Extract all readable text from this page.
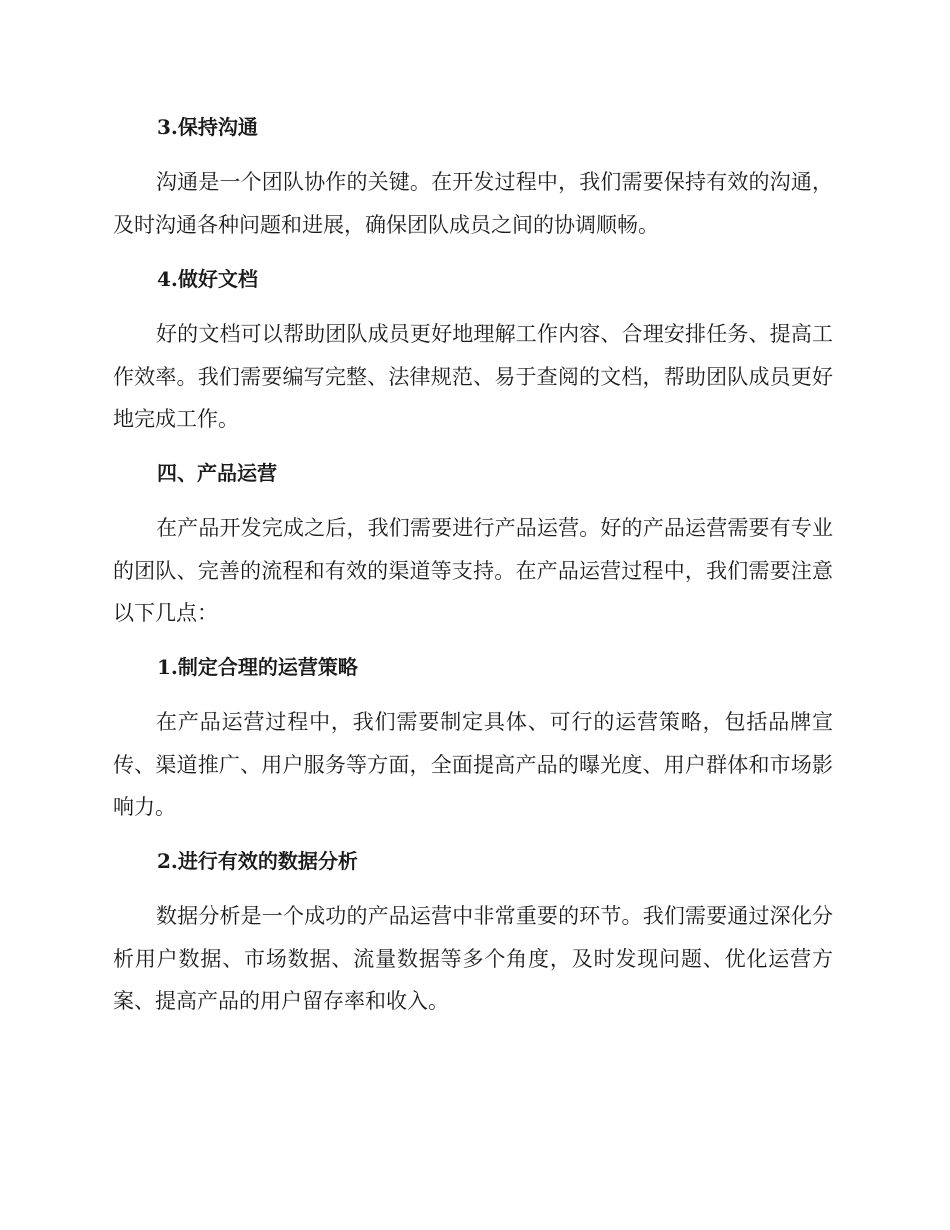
3.保持沟通
沟通是一个团队协作的关键。在开发过程中，我们需要保持有效的沟通，及时沟通各种问题和进展，确保团队成员之间的协调顺畅。
4.做好文档
好的文档可以帮助团队成员更好地理解工作内容、合理安排任务、提高工作效率。我们需要编写完整、法律规范、易于查阅的文档，帮助团队成员更好地完成工作。
四、产品运营
在产品开发完成之后，我们需要进行产品运营。好的产品运营需要有专业的团队、完善的流程和有效的渠道等支持。在产品运营过程中，我们需要注意以下几点：
1.制定合理的运营策略
在产品运营过程中，我们需要制定具体、可行的运营策略，包括品牌宣传、渠道推广、用户服务等方面，全面提高产品的曝光度、用户群体和市场影响力。
2.进行有效的数据分析
数据分析是一个成功的产品运营中非常重要的环节。我们需要通过深化分析用户数据、市场数据、流量数据等多个角度，及时发现问题、优化运营方案、提高产品的用户留存率和收入。
